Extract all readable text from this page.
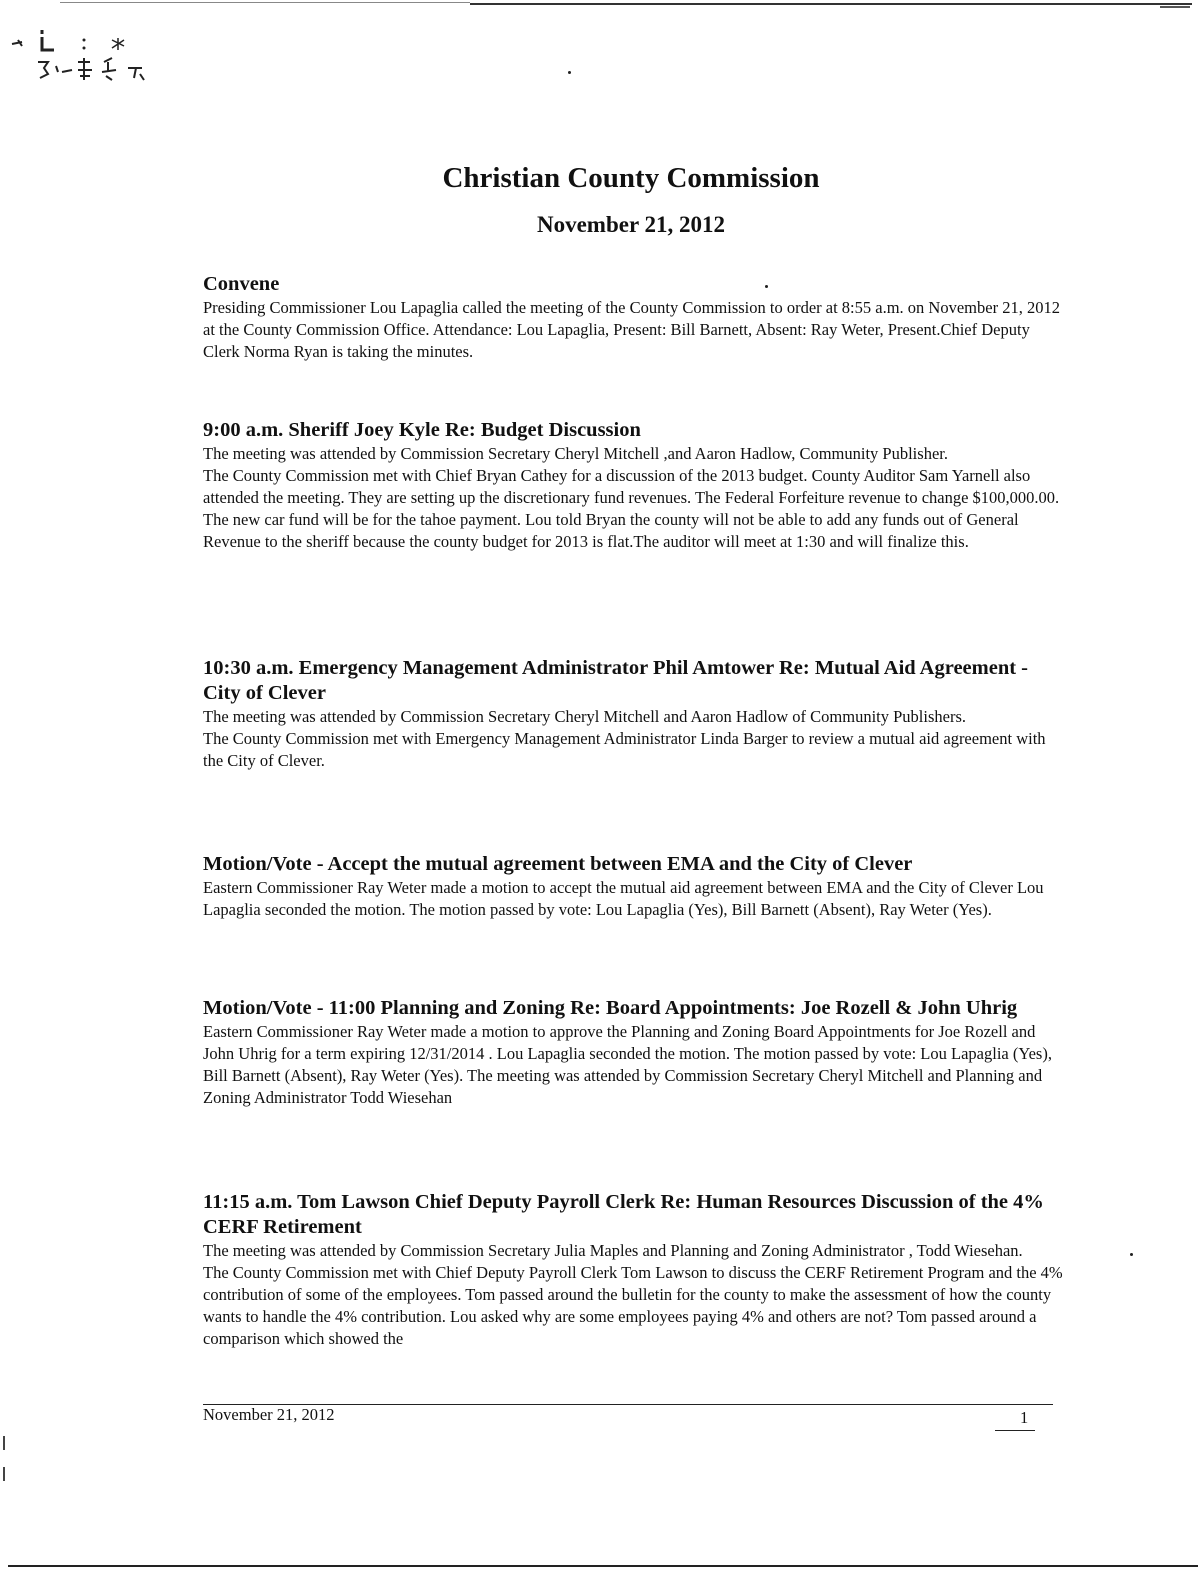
Christian County Commission
November 21, 2012
Convene

Presiding Commissioner Lou Lapaglia called the meeting of the County Commission to order at 8:55 a.m. on November 21, 2012 at the County Commission Office. Attendance: Lou Lapaglia, Present: Bill Barnett, Absent: Ray Weter, Present.Chief Deputy Clerk Norma Ryan is taking the minutes.

9:00 a.m. Sheriff Joey Kyle Re: Budget Discussion

The meeting was attended by Commission Secretary Cheryl Mitchell ,and Aaron Hadlow, Community Publisher.

The County Commission met with Chief Bryan Cathey for a discussion of the 2013 budget. County Auditor Sam Yarnell also attended the meeting. They are setting up the discretionary fund revenues. The Federal Forfeiture revenue to change $100,000.00. The new car fund will be for the tahoe payment. Lou told Bryan the county will not be able to add any funds out of General Revenue to the sheriff because the county budget for 2013 is flat.The auditor will meet at 1:30 and will finalize this.

10:30 a.m. Emergency Management Administrator Phil Amtower Re: Mutual Aid Agreement - City of Clever

The meeting was attended by Commission Secretary Cheryl Mitchell and Aaron Hadlow of Community Publishers.

The County Commission met with Emergency Management Administrator Linda Barger to review a mutual aid agreement with the City of Clever.

Motion/Vote - Accept the mutual agreement between EMA and the City of Clever

Eastern Commissioner Ray Weter made a motion to accept the mutual aid agreement between EMA and the City of Clever Lou Lapaglia seconded the motion. The motion passed by vote: Lou Lapaglia (Yes), Bill Barnett (Absent), Ray Weter (Yes).

Motion/Vote - 11:00 Planning and Zoning Re: Board Appointments: Joe Rozell & John Uhrig

Eastern Commissioner Ray Weter made a motion to approve the Planning and Zoning Board Appointments for Joe Rozell and John Uhrig for a term expiring 12/31/2014 . Lou Lapaglia seconded the motion. The motion passed by vote: Lou Lapaglia (Yes), Bill Barnett (Absent), Ray Weter (Yes). The meeting was attended by Commission Secretary Cheryl Mitchell and Planning and Zoning Administrator Todd Wiesehan

11:15 a.m. Tom Lawson Chief Deputy Payroll Clerk Re: Human Resources Discussion of the 4% CERF Retirement

The meeting was attended by Commission Secretary Julia Maples and Planning and Zoning Administrator , Todd Wiesehan.

The County Commission met with Chief Deputy Payroll Clerk Tom Lawson to discuss the CERF Retirement Program and the 4% contribution of some of the employees. Tom passed around the bulletin for the county to make the assessment of how the county wants to handle the 4% contribution. Lou asked why are some employees paying 4% and others are not? Tom passed around a comparison which showed the

November 21, 2012	1
